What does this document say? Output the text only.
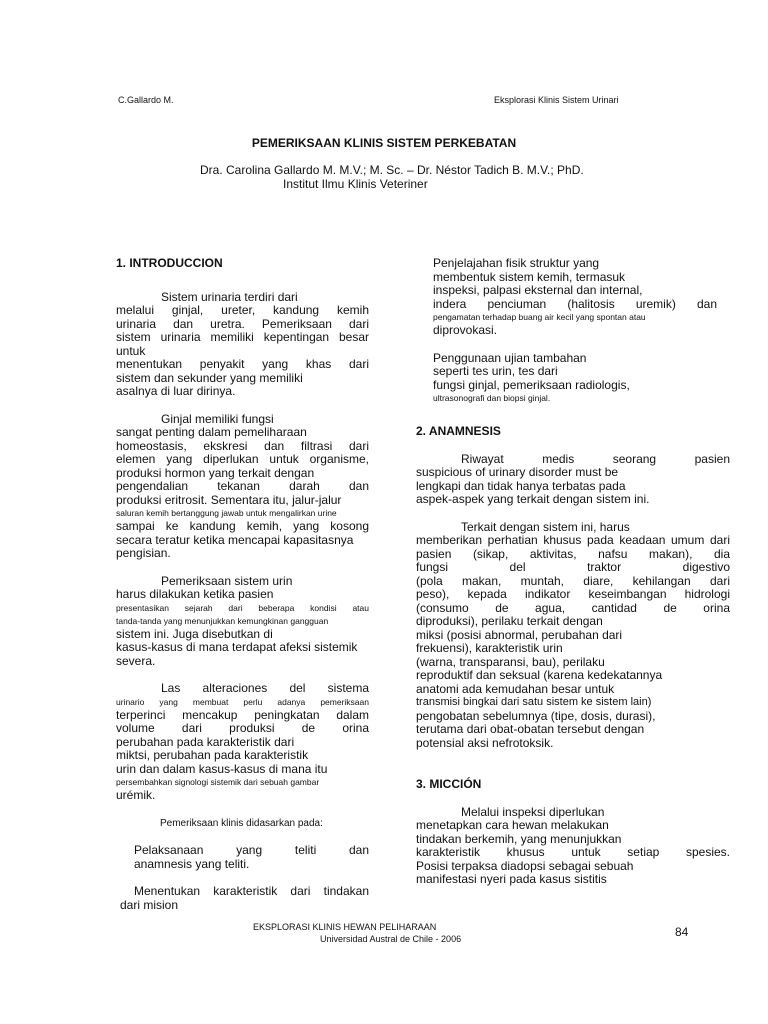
C.Gallardo M.	Eksplorasi Klinis Sistem Urinari
PEMERIKSAAN KLINIS SISTEM PERKEBATAN
Dra. Carolina Gallardo M. M.V.; M. Sc. – Dr. Néstor Tadich B. M.V.; PhD.
Institut Ilmu Klinis Veteriner

1. INTRODUCCION

Sistem urinaria terdiri dari

melalui ginjal, ureter, kandung kemih

urinaria dan uretra. Pemeriksaan dari

sistem urinaria memiliki kepentingan besar untuk

menentukan penyakit yang khas dari

sistem dan sekunder yang memiliki

asalnya di luar dirinya.

Ginjal memiliki fungsi

sangat penting dalam pemeliharaan

homeostasis, ekskresi dan filtrasi dari

elemen yang diperlukan untuk organisme,

produksi hormon yang terkait dengan

pengendalian tekanan darah dan

produksi eritrosit. Sementara itu, jalur-jalur

saluran kemih bertanggung jawab untuk mengalirkan urine

sampai ke kandung kemih, yang kosong

secara teratur ketika mencapai kapasitasnya

pengisian.

Pemeriksaan sistem urin

harus dilakukan ketika pasien

presentasikan sejarah dari beberapa kondisi atau

tanda-tanda yang menunjukkan kemungkinan gangguan

sistem ini. Juga disebutkan di

kasus-kasus di mana terdapat afeksi sistemik

severa.

Las alteraciones del sistema

urinario yang membuat perlu adanya pemeriksaan

terperinci mencakup peningkatan dalam

volume dari produksi de orina

perubahan pada karakteristik dari

miktsi, perubahan pada karakteristik

urin dan dalam kasus-kasus di mana itu

persembahkan signologi sistemik dari sebuah gambar

urémik.

Pemeriksaan klinis didasarkan pada:

Pelaksanaan yang teliti dan

anamnesis yang teliti.

Menentukan karakteristik dari tindakan

dari mision

Penjelajahan fisik struktur yang

membentuk sistem kemih, termasuk

inspeksi, palpasi eksternal dan internal,

indera penciuman (halitosis uremik) dan

pengamatan terhadap buang air kecil yang spontan atau

diprovokasi.

Penggunaan ujian tambahan

seperti tes urin, tes dari

fungsi ginjal, pemeriksaan radiologis,

ultrasonografi dan biopsi ginjal.

2. ANAMNESIS

Riwayat medis seorang pasien

suspicious of urinary disorder must be

lengkapi dan tidak hanya terbatas pada

aspek-aspek yang terkait dengan sistem ini.

Terkait dengan sistem ini, harus

memberikan perhatian khusus pada keadaan umum dari

pasien (sikap, aktivitas, nafsu makan), dia

fungsi del traktor digestivo

(pola makan, muntah, diare, kehilangan dari

peso), kepada indikator keseimbangan hidrologi

(consumo de agua, cantidad de orina

diproduksi), perilaku terkait dengan

miksi (posisi abnormal, perubahan dari

frekuensi), karakteristik urin

(warna, transparansi, bau), perilaku

reproduktif dan seksual (karena kedekatannya

anatomi ada kemudahan besar untuk

transmisi bingkai dari satu sistem ke sistem lain)

pengobatan sebelumnya (tipe, dosis, durasi),

terutama dari obat-obatan tersebut dengan

potensial aksi nefrotoksik.

3. MICCIÓN

Melalui inspeksi diperlukan

menetapkan cara hewan melakukan

tindakan berkemih, yang menunjukkan

karakteristik khusus untuk setiap spesies.

Posisi terpaksa diadopsi sebagai sebuah

manifestasi nyeri pada kasus sistitis

EKSPLORASI KLINIS HEWAN PELIHARAAN
Universidad Austral de Chile - 2006	84
